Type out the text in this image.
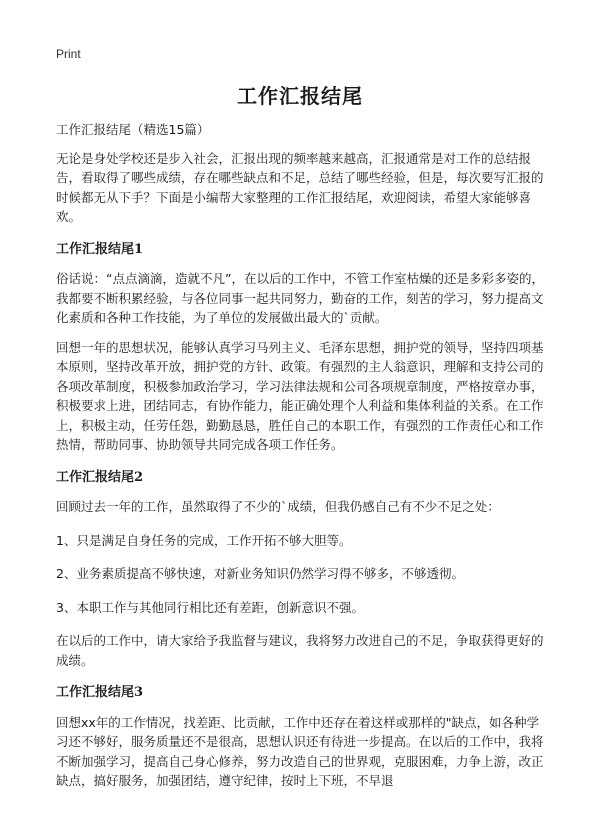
Print
工作汇报结尾

工作汇报结尾（精选15篇）

无论是身处学校还是步入社会，汇报出现的频率越来越高，汇报通常是对工作的总结报告，看取得了哪些成绩，存在哪些缺点和不足，总结了哪些经验，但是，每次要写汇报的时候都无从下手？下面是小编帮大家整理的工作汇报结尾，欢迎阅读，希望大家能够喜欢。

工作汇报结尾1

俗话说：“点点滴滴，造就不凡”，在以后的工作中，不管工作室枯燥的还是多彩多姿的，我都要不断积累经验，与各位同事一起共同努力，勤奋的工作，刻苦的学习，努力提高文化素质和各种工作技能，为了单位的发展做出最大的`贡献。

回想一年的思想状况，能够认真学习马列主义、毛泽东思想，拥护党的领导，坚持四项基本原则，坚持改革开放，拥护党的方针、政策。有强烈的主人翁意识，理解和支持公司的各项改革制度，积极参加政治学习，学习法律法规和公司各项规章制度，严格按章办事，积极要求上进，团结同志，有协作能力，能正确处理个人利益和集体利益的关系。在工作上，积极主动，任劳任怨，勤勤恳恳，胜任自己的本职工作，有强烈的工作责任心和工作热情，帮助同事、协助领导共同完成各项工作任务。

工作汇报结尾2

回顾过去一年的工作，虽然取得了不少的`成绩，但我仍感自己有不少不足之处：

1、只是满足自身任务的完成，工作开拓不够大胆等。

2、业务素质提高不够快速，对新业务知识仍然学习得不够多，不够透彻。

3、本职工作与其他同行相比还有差距，创新意识不强。

在以后的工作中，请大家给予我监督与建议，我将努力改进自己的不足，争取获得更好的成绩。

工作汇报结尾3

回想xx年的工作情况，找差距、比贡献，工作中还存在着这样或那样的"缺点，如各种学习还不够好，服务质量还不是很高，思想认识还有待进一步提高。在以后的工作中，我将不断加强学习，提高自己身心修养，努力改造自己的世界观，克服困难，力争上游，改正缺点，搞好服务，加强团结，遵守纪律，按时上下班，不早退
